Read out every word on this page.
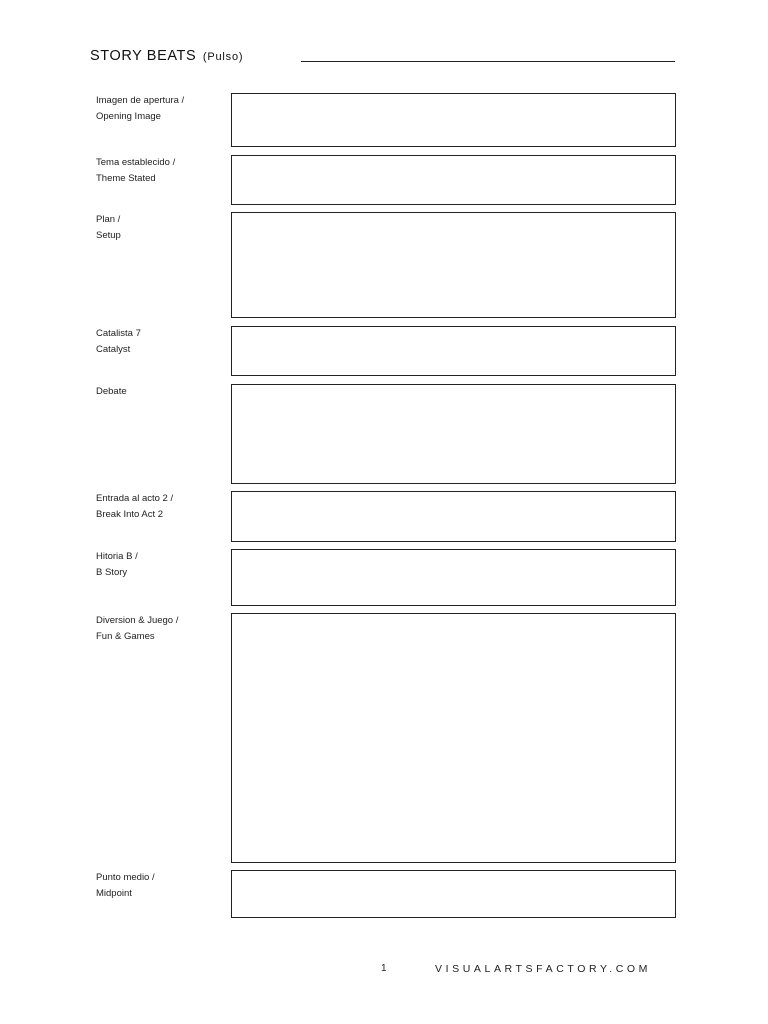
STORY BEATS (Pulso)
Imagen de apertura /
Opening Image
Tema establecido /
Theme Stated
Plan /
Setup
Catalista 7
Catalyst
Debate
Entrada al acto 2 /
Break Into Act 2
Hitoria B /
B Story
Diversion & Juego /
Fun & Games
Punto medio /
Midpoint
1	VISUALARTSFACTORY.COM
